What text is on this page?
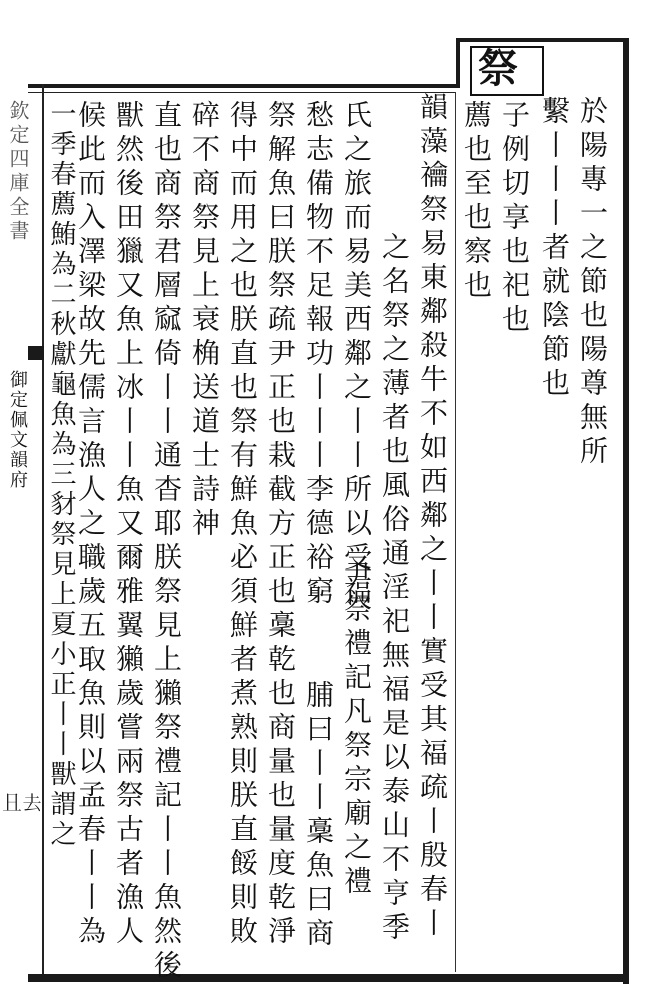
祭
欽定四庫全書
御定佩文韻府
𠀇去
於陽專一之節也陽尊無所
繫丨丨丨者就陰節也
子例切享也祀也
薦也至也察也
韻藻禴祭易東鄰殺牛不如西鄰之丨丨實受其福疏丨殷春丨
之名祭之薄者也風俗通淫祀無福是以泰山不亨季
氏之旅而易美西鄰之丨丨所以受福
愁志備物不足報功丨丨丨李德裕窮
尹祭禮記凡祭宗廟之禮
脯曰丨丨稾魚曰商
祭解魚曰朕祭疏尹正也栽截方正也稾乾也商量也量度乾淨
得中而用之也朕直也祭有鮮魚必須鮮者煮熟則朕直餒則敗
碎不商祭見上衰桷送道士詩神
直也商祭君層窳倚丨丨通杳耶朕祭見上獺祭禮記丨丨魚然後
獸然後田獵又魚上冰丨丨魚又爾雅翼獺歲嘗兩祭古者漁人
候此而入澤梁故先儒言漁人之職歲五取魚則以孟春丨丨為
一季春薦鮪為二秋獻龜魚為三豺祭見上夏小正丨丨獸謂之
